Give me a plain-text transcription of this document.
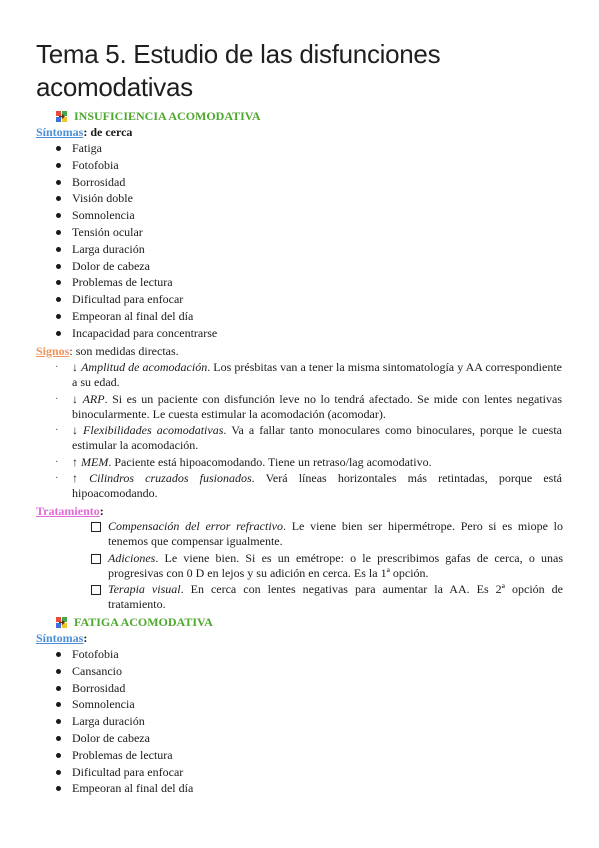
Tema 5. Estudio de las disfunciones acomodativas
INSUFICIENCIA ACOMODATIVA
Síntomas: de cerca
Fatiga
Fotofobia
Borrosidad
Visión doble
Somnolencia
Tensión ocular
Larga duración
Dolor de cabeza
Problemas de lectura
Dificultad para enfocar
Empeoran al final del día
Incapacidad para concentrarse
Signos: son medidas directas.
· ↓ Amplitud de acomodación. Los présbitas van a tener la misma sintomatología y AA correspondiente a su edad.
· ↓ ARP. Si es un paciente con disfunción leve no lo tendrá afectado. Se mide con lentes negativas binocularmente. Le cuesta estimular la acomodación (acomodar).
· ↓ Flexibilidades acomodativas. Va a fallar tanto monoculares como binoculares, porque le cuesta estimular la acomodación.
· ↑ MEM. Paciente está hipoacomodando. Tiene un retraso/lag acomodativo.
· ↑ Cilindros cruzados fusionados. Verá líneas horizontales más retintadas, porque está hipoacomodando.
Tratamiento:
Compensación del error refractivo. Le viene bien ser hipermétrope. Pero si es miope lo tenemos que compensar igualmente.
Adiciones. Le viene bien. Si es un emétrope: o le prescribimos gafas de cerca, o unas progresivas con 0 D en lejos y su adición en cerca. Es la 1ª opción.
Terapia visual. En cerca con lentes negativas para aumentar la AA. Es 2ª opción de tratamiento.
FATIGA ACOMODATIVA
Síntomas:
Fotofobia
Cansancio
Borrosidad
Somnolencia
Larga duración
Dolor de cabeza
Problemas de lectura
Dificultad para enfocar
Empeoran al final del día
